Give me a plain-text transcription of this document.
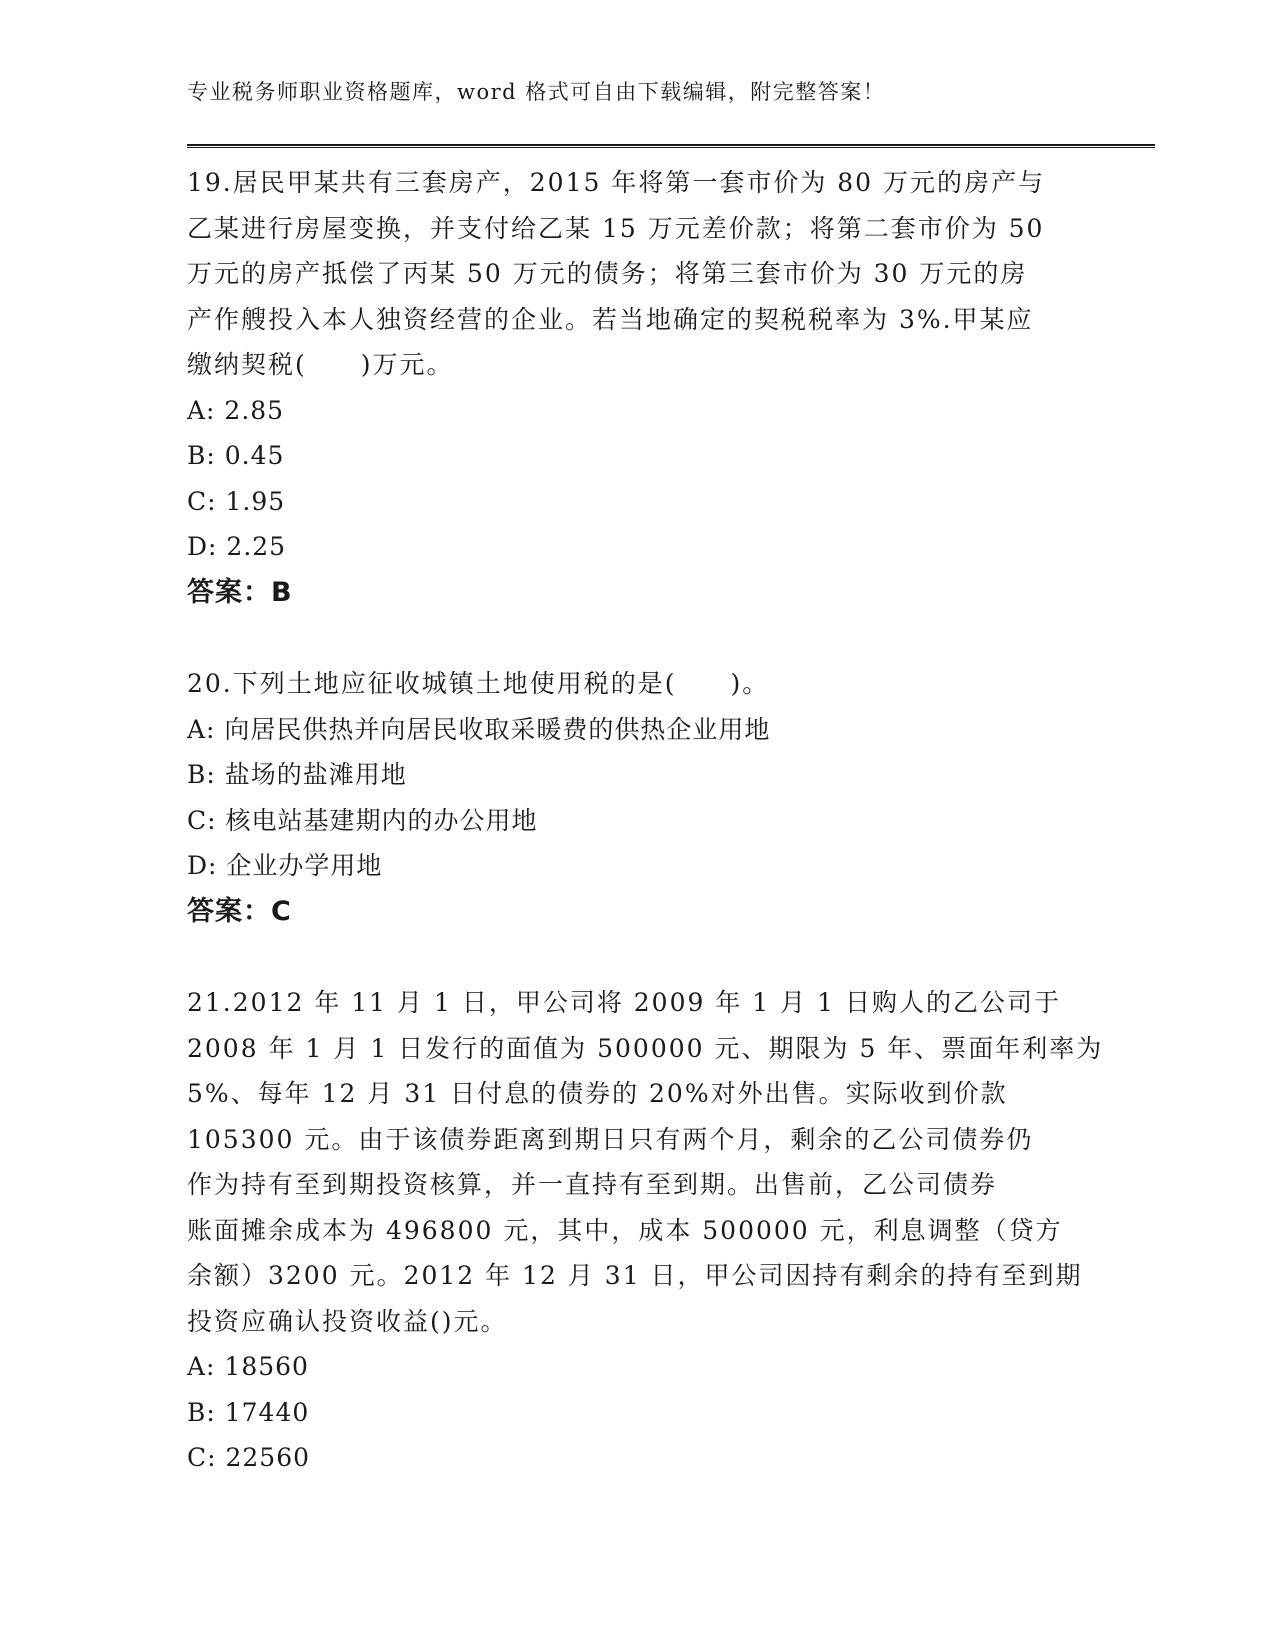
专业税务师职业资格题库，word 格式可自由下载编辑，附完整答案！

19.居民甲某共有三套房产，2015 年将第一套市价为 80 万元的房产与
乙某进行房屋变换，并支付给乙某 15 万元差价款；将第二套市价为 50
万元的房产抵偿了丙某 50 万元的债务；将第三套市价为 30 万元的房
产作艘投入本人独资经营的企业。若当地确定的契税税率为 3%.甲某应
缴纳契税(　　)万元。

A: 2.85
B: 0.45
C: 1.95
D: 2.25
答案：B

20.下列土地应征收城镇土地使用税的是(　　)。

A: 向居民供热并向居民收取采暖费的供热企业用地
B: 盐场的盐滩用地
C: 核电站基建期内的办公用地
D: 企业办学用地
答案：C

21.2012 年 11 月 1 日，甲公司将 2009 年 1 月 1 日购人的乙公司于
2008 年 1 月 1 日发行的面值为 500000 元、期限为 5 年、票面年利率为
5%、每年 12 月 31 日付息的债券的 20%对外出售。实际收到价款
105300 元。由于该债券距离到期日只有两个月，剩余的乙公司债券仍
作为持有至到期投资核算，并一直持有至到期。出售前，乙公司债券
账面摊余成本为 496800 元，其中，成本 500000 元，利息调整（贷方
余额）3200 元。2012 年 12 月 31 日，甲公司因持有剩余的持有至到期
投资应确认投资收益()元。

A: 18560
B: 17440
C: 22560
